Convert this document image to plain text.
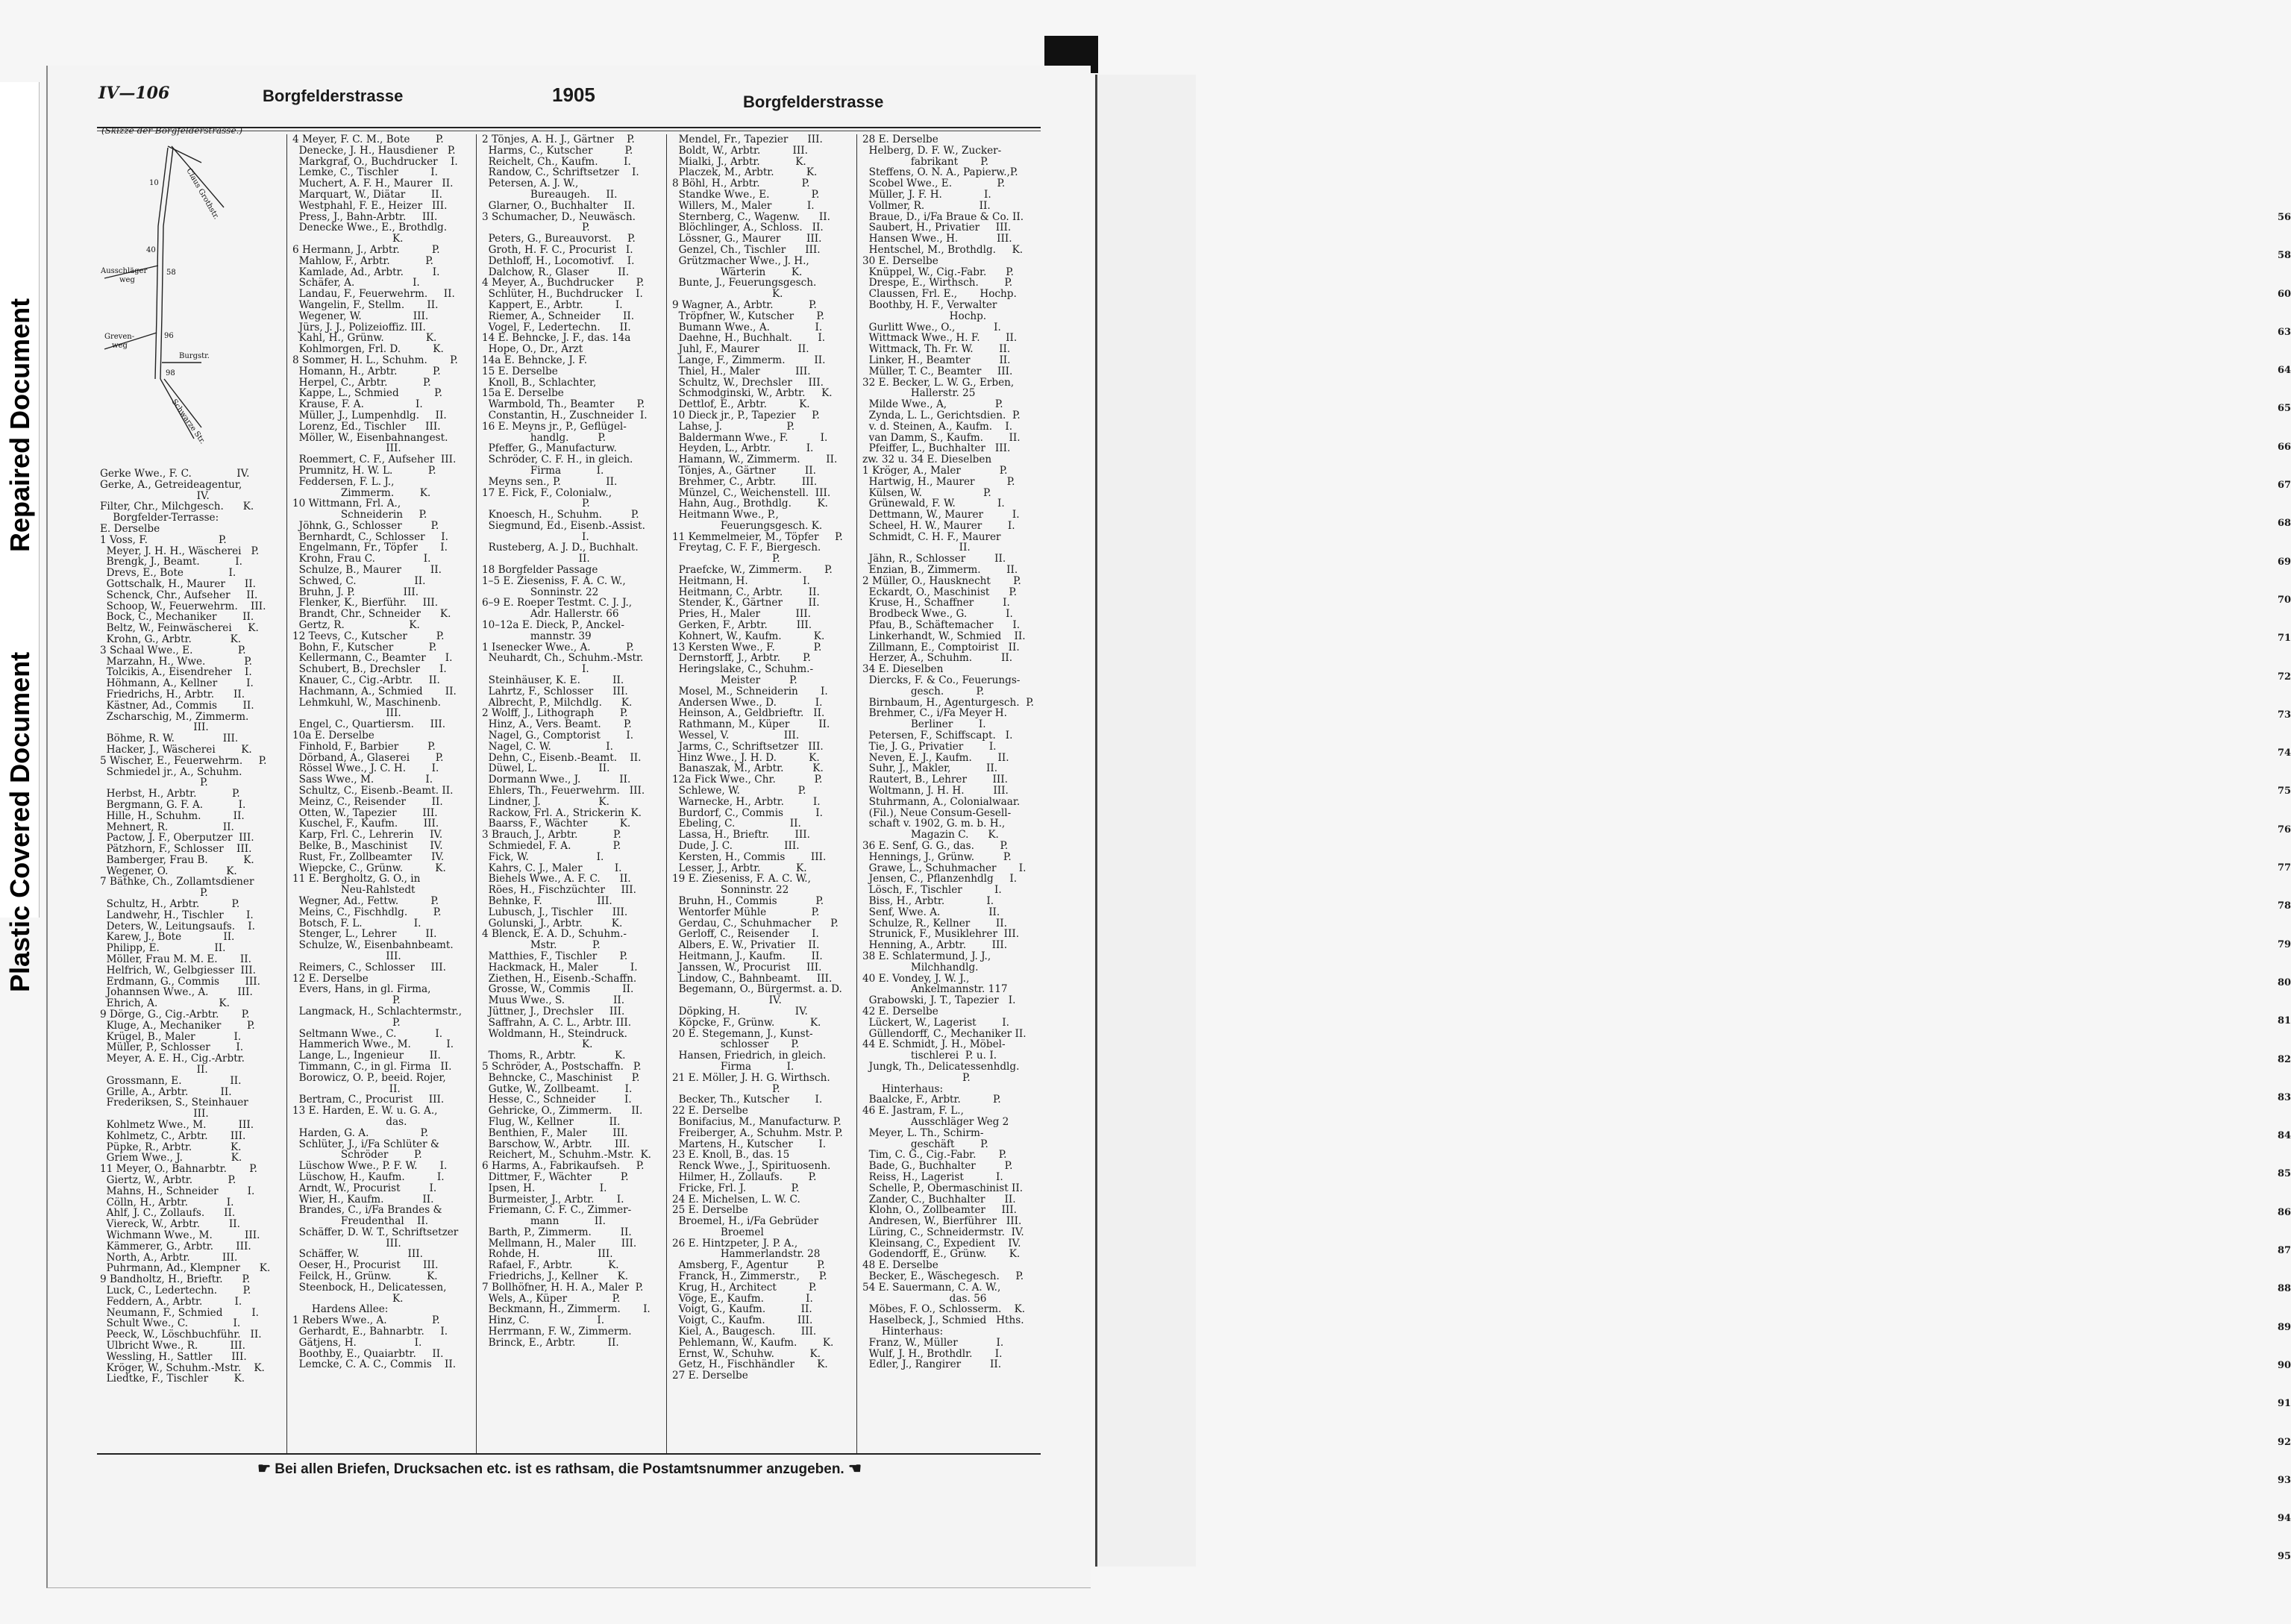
Repaired Document
Plastic Covered Document
56
58
60
63
64
65
66
67
68
69
70
71
72
73
74
75
76
77
78
79
80
81
82
83
84
85
86
87
88
89
90
91
92
93
94
95
IV—106	Borgfelderstrasse	1905	Borgfelderstrasse
(Skizze der Borgfelderstrasse.)
Claus Grothstr.
Ausschläger
weg
Greven-
weg
Burgstr.
Schwarze Str.
10
40
58
96
98
Gerke Wwe., F. C.              IV.
Gerke, A., Getreideagentur,
IV.
Filter, Chr., Milchgesch.      K.
Borgfelder-Terrasse:
E. Derselbe
1 Voss, F.                      P.
Meyer, J. H. H., Wäscherei   P.
Brengk, J., Beamt.           I.
Drevs, E., Bote              I.
Gottschalk, H., Maurer      II.
Schenck, Chr., Aufseher     II.
Schoop, W., Feuerwehrm.    III.
Bock, C., Mechaniker        II.
Beltz, W., Feinwäscherei     K.
Krohn, G., Arbtr.            K.
3 Schaal Wwe., E.              P.
Marzahn, H., Wwe.            P.
Tolcikis, A., Eisendreher    I.
Höhmann, A., Kellner         I.
Friedrichs, H., Arbtr.      II.
Kästner, Ad., Commis        II.
Zscharschig, M., Zimmerm.
III.
Böhme, R. W.               III.
Hacker, J., Wäscherei        K.
5 Wischer, E., Feuerwehrm.     P.
Schmiedel jr., A., Schuhm.
P.
Herbst, H., Arbtr.           P.
Bergmann, G. F. A.           I.
Hille, H., Schuhm.          II.
Mehnert, R.                 II.
Pactow, J. F., Oberputzer  III.
Pätzhorn, F., Schlosser    III.
Bamberger, Frau B.           K.
Wegener, O.                  K.
7 Bäthke, Ch., Zollamtsdiener
P.
Schultz, H., Arbtr.          P.
Landwehr, H., Tischler       I.
Deters, W., Leitungsaufs.    I.
Karew, J., Bote             II.
Philipp, E.                 II.
Möller, Frau M. M. E.       II.
Helfrich, W., Gelbgiesser  III.
Erdmann, G., Commis        III.
Johannsen Wwe., A.         III.
Ehrich, A.                   K.
9 Dörge, G., Cig.-Arbtr.       P.
Kluge, A., Mechaniker        P.
Krügel, B., Maler            I.
Müller, P., Schlosser        I.
Meyer, A. E. H., Cig.-Arbtr.
II.
Grossmann, E.               II.
Grille, A., Arbtr.          II.
Frederiksen, S., Steinhauer
III.
Kohlmetz Wwe., M.          III.
Kohlmetz, C., Arbtr.       III.
Püpke, R., Arbtr.            K.
Griem Wwe., J.               K.
11 Meyer, O., Bahnarbtr.       P.
Giertz, W., Arbtr.           P.
Mahns, H., Schneider         I.
Cölln, H., Arbtr.            I.
Ahlf, J. C., Zollaufs.      II.
Viereck, W., Arbtr.         II.
Wichmann Wwe., M.          III.
Kämmerer, G., Arbtr.       III.
North, A., Arbtr.          III.
Puhrmann, Ad., Klempner      K.
9 Bandholtz, H., Brieftr.      P.
Luck, C., Ledertechn.        P.
Feddern, A., Arbtr.          I.
Neumann, F., Schmied         I.
Schult Wwe., C.              I.
Peeck, W., Löschbuchführ.   II.
Ulbricht Wwe., R.          III.
Wessling, H., Sattler      III.
Kröger, W., Schuhm.-Mstr.    K.
Liedtke, F., Tischler        K.
4 Meyer, F. C. M., Bote        P.
Denecke, J. H., Hausdiener   P.
Markgraf, O., Buchdrucker    I.
Lemke, C., Tischler          I.
Muchert, A. F. H., Maurer   II.
Marquart, W., Diätar        II.
Westphahl, F. E., Heizer   III.
Press, J., Bahn-Arbtr.     III.
Denecke Wwe., E., Brothdlg.
K.
6 Hermann, J., Arbtr.          P.
Mahlow, F., Arbtr.           P.
Kamlade, Ad., Arbtr.         I.
Schäfer, A.                  I.
Landau, F., Feuerwehrm.     II.
Wangelin, F., Stellm.       II.
Wegener, W.                III.
Jürs, J. J., Polizeioffiz. III.
Kahl, H., Grünw.             K.
Kohlmorgen, Frl. D.          K.
8 Sommer, H. L., Schuhm.       P.
Homann, H., Arbtr.           P.
Herpel, C., Arbtr.           P.
Kappe, L., Schmied           P.
Krause, F. A.                I.
Müller, J., Lumpenhdlg.     II.
Lorenz, Ed., Tischler      III.
Möller, W., Eisenbahnangest.
III.
Roemmert, C. F., Aufseher  III.
Prumnitz, H. W. L.           P.
Feddersen, F. L. J.,
Zimmerm.        K.
10 Wittmann, Frl. A.,
Schneiderin     P.
Jöhnk, G., Schlosser         P.
Bernhardt, C., Schlosser     I.
Engelmann, Fr., Töpfer       I.
Krohn, Frau C.               I.
Schulze, B., Maurer         II.
Schwed, C.                  II.
Bruhn, J. P.               III.
Flenker, K., Bierführ.     III.
Brandt, Chr., Schneider      K.
Gertz, R.                    K.
12 Teevs, C., Kutscher         P.
Bohn, F., Kutscher           P.
Kellermann, C., Beamter      I.
Schubert, B., Drechsler      I.
Knauer, C., Cig.-Arbtr.     II.
Hachmann, A., Schmied       II.
Lehmkuhl, W., Maschinenb.
III.
Engel, C., Quartiersm.     III.
10a E. Derselbe
Finhold, F., Barbier         P.
Dörband, A., Glaserei        P.
Rössel Wwe., J. C. H.        I.
Sass Wwe., M.                I.
Schultz, C., Eisenb.-Beamt. II.
Meinz, C., Reisender        II.
Otten, W., Tapezier        III.
Kuschel, F., Kaufm.        III.
Karp, Frl. C., Lehrerin     IV.
Belke, B., Maschinist       IV.
Rust, Fr., Zollbeamter      IV.
Wiepcke, C., Grünw.          K.
11 E. Bergholtz, G. O., in
Neu-Rahlstedt
Wegner, Ad., Fettw.          P.
Meins, C., Fischhdlg.        P.
Botsch, F. L.                I.
Stenger, L., Lehrer         II.
Schulze, W., Eisenbahnbeamt.
III.
Reimers, C., Schlosser     III.
12 E. Derselbe
Evers, Hans, in gl. Firma,
P.
Langmack, H., Schlachtermstr.,
P.
Seltmann Wwe., C.            I.
Hammerich Wwe., M.           I.
Lange, L., Ingenieur        II.
Timmann, C., in gl. Firma   II.
Borowicz, O. P., beeid. Rojer,
II.
Bertram, C., Procurist     III.
13 E. Harden, E. W. u. G. A.,
das.
Harden, G. A.                P.
Schlüter, J., i/Fa Schlüter &
Schröder        P.
Lüschow Wwe., P. F. W.       I.
Lüschow, H., Kaufm.          I.
Arndt, W., Procurist         I.
Wier, H., Kaufm.            II.
Brandes, C., i/Fa Brandes &
Freudenthal    II.
Schäffer, D. W. T., Schriftsetzer
III.
Schäffer, W.               III.
Oeser, H., Procurist       III.
Feilck, H., Grünw.           K.
Steenbock, H., Delicatessen,
K.
Hardens Allee:
1 Rebers Wwe., A.              P.
Gerhardt, E., Bahnarbtr.     I.
Gätjens, H.                  I.
Boothby, E., Quaiarbtr.     II.
Lemcke, C. A. C., Commis    II.
2 Tönjes, A. H. J., Gärtner    P.
Harms, C., Kutscher          P.
Reichelt, Ch., Kaufm.        I.
Randow, C., Schriftsetzer    I.
Petersen, A. J. W.,
Bureaugeh.     II.
Glarner, O., Buchhalter     II.
3 Schumacher, D., Neuwäsch.
P.
Peters, G., Bureauvorst.     P.
Groth, H. F. C., Procurist   I.
Dethloff, H., Locomotivf.    I.
Dalchow, R., Glaser         II.
4 Meyer, A., Buchdrucker       P.
Schlüter, H., Buchdrucker    I.
Kappert, E., Arbtr.          I.
Riemer, A., Schneider       II.
Vogel, F., Ledertechn.      II.
14 E. Behncke, J. F., das. 14a
Hope, O., Dr., Arzt
14a E. Behncke, J. F.
15 E. Derselbe
Knoll, B., Schlachter,
15a E. Derselbe
Warmbold, Th., Beamter       P.
Constantin, H., Zuschneider  I.
16 E. Meyns jr., P., Geflügel-
handlg.         P.
Pfeffer, G., Manufacturw.
Schröder, C. F. H., in gleich.
Firma           I.
Meyns sen., P.              II.
17 E. Fick, F., Colonialw.,
P.
Knoesch, H., Schuhm.         P.
Siegmund, Ed., Eisenb.-Assist.
I.
Rusteberg, A. J. D., Buchhalt.
II.
18 Borgfelder Passage
1–5 E. Zieseniss, F. A. C. W.,
Sonninstr. 22
6–9 E. Roeper Testmt. C. J. J.,
Adr. Hallerstr. 66
10–12a E. Dieck, P., Anckel-
mannstr. 39
1 Isenecker Wwe., A.           P.
Neuhardt, Ch., Schuhm.-Mstr.
I.
Steinhäuser, K. E.          II.
Lahrtz, F., Schlosser      III.
Albrecht, P., Milchdlg.      K.
2 Wolff, J., Lithograph        P.
Hinz, A., Vers. Beamt.       P.
Nagel, G., Comptorist        I.
Nagel, C. W.                 I.
Dehn, C., Eisenb.-Beamt.    II.
Düwel, L.                   II.
Dormann Wwe., J.            II.
Ehlers, Th., Feuerwehrm.   III.
Lindner, J.                  K.
Rackow, Frl. A., Strickerin  K.
Baarss, F., Wächter          K.
3 Brauch, J., Arbtr.           P.
Schmiedel, F. A.             P.
Fick, W.                     I.
Kahrs, C. J., Maler          I.
Biehels Wwe., A. F. C.      II.
Röes, H., Fischzüchter     III.
Behnke, F.                 III.
Lubusch, J., Tischler      III.
Golunski, J., Arbtr.         K.
4 Blenck, E. A. D., Schuhm.-
Mstr.           P.
Matthies, F., Tischler       P.
Hackmack, H., Maler          I.
Ziethen, H., Eisenb.-Schaffn.
Grosse, W., Commis          II.
Muus Wwe., S.               II.
Jüttner, J., Drechsler     III.
Saffrahn, A. C. L., Arbtr. III.
Woldmann, H., Steindruck.
K.
Thoms, R., Arbtr.            K.
5 Schröder, A., Postschaffn.   P.
Behncke, C., Maschinist      P.
Gutke, W., Zollbeamt.        I.
Hesse, C., Schneider         I.
Gehricke, O., Zimmerm.      II.
Flug, W., Kellner           II.
Benthien, F., Maler        III.
Barschow, W., Arbtr.       III.
Reichert, M., Schuhm.-Mstr.  K.
6 Harms, A., Fabrikaufseh.     P.
Dittmer, F., Wächter         P.
Ipsen, H.                    I.
Burmeister, J., Arbtr.       I.
Friemann, C. F. C., Zimmer-
mann           II.
Barth, P., Zimmerm.         II.
Mellmann, H., Maler        III.
Rohde, H.                  III.
Rafael, F., Arbtr.           K.
Friedrichs, J., Kellner      K.
7 Bollhöfner, H. H. A., Maler  P.
Wels, A., Küper              P.
Beckmann, H., Zimmerm.       I.
Hinz, C.                     I.
Herrmann, F. W., Zimmerm.
Brinck, E., Arbtr.          II.
Mendel, Fr., Tapezier      III.
Boldt, W., Arbtr.          III.
Mialki, J., Arbtr.           K.
Placzek, M., Arbtr.          K.
8 Böhl, H., Arbtr.             P.
Standke Wwe., E.             P.
Willers, M., Maler           I.
Sternberg, C., Wagenw.      II.
Blöchlinger, A., Schloss.   II.
Lössner, G., Maurer        III.
Genzel, Ch., Tischler      III.
Grützmacher Wwe., J. H.,
Wärterin        K.
Bunte, J., Feuerungsgesch.
K.
9 Wagner, A., Arbtr.           P.
Tröpfner, W., Kutscher       P.
Bumann Wwe., A.              I.
Daehne, H., Buchhalt.        I.
Juhl, F., Maurer            II.
Lange, F., Zimmerm.         II.
Thiel, H., Maler           III.
Schultz, W., Drechsler     III.
Schmodginski, W., Arbtr.     K.
Dettlof, E., Arbtr.          K.
10 Dieck jr., P., Tapezier     P.
Lahse, J.                    P.
Baldermann Wwe., F.          I.
Heyden, L., Arbtr.           I.
Hamann, W., Zimmerm.        II.
Tönjes, A., Gärtner         II.
Brehmer, C., Arbtr.        III.
Münzel, C., Weichenstell.  III.
Hahn, Aug., Brothdlg.        K.
Heitmann Wwe., P.,
Feuerungsgesch. K.
11 Kemmelmeier, M., Töpfer     P.
Freytag, C. F. F., Biergesch.
P.
Praefcke, W., Zimmerm.       P.
Heitmann, H.                 I.
Heitmann, C., Arbtr.        II.
Stender, K., Gärtner        II.
Pries, H., Maler           III.
Gerken, F., Arbtr.         III.
Kohnert, W., Kaufm.          K.
13 Kersten Wwe., F.            P.
Dernstorff, J., Arbtr.       P.
Heringslake, C., Schuhm.-
Meister         P.
Mosel, M., Schneiderin       I.
Andersen Wwe., D.            I.
Heinson, A., Geldbrieftr.   II.
Rathmann, M., Küper         II.
Wessel, V.                 III.
Jarms, C., Schriftsetzer   III.
Hinz Wwe., J. H. D.          K.
Banaszak, M., Arbtr.         K.
12a Fick Wwe., Chr.            P.
Schlewe, W.                  P.
Warnecke, H., Arbtr.         I.
Burdorf, C., Commis          I.
Ebeling, C.                 II.
Lassa, H., Brieftr.        III.
Dude, J. C.                III.
Kersten, H., Commis        III.
Lesser, J., Arbtr.           K.
19 E. Zieseniss, F. A. C. W.,
Sonninstr. 22
Bruhn, H., Commis            P.
Wentorfer Mühle              P.
Gerdau, C., Schuhmacher      P.
Gerloff, C., Reisender       I.
Albers, E. W., Privatier    II.
Heitmann, J., Kaufm.        II.
Janssen, W., Procurist     III.
Lindow, C., Bahnbeamt.     III.
Begemann, O., Bürgermst. a. D.
IV.
Döpking, H.                 IV.
Köpcke, F., Grünw.           K.
20 E. Stegemann, J., Kunst-
schlosser       P.
Hansen, Friedrich, in gleich.
Firma           I.
21 E. Möller, J. H. G. Wirthsch.
P.
Becker, Th., Kutscher        I.
22 E. Derselbe
Bonifacius, M., Manufacturw. P.
Freiberger, A., Schuhm. Mstr. P.
Martens, H., Kutscher        I.
23 E. Knoll, B., das. 15
Renck Wwe., J., Spirituosenh.
Hilmer, H., Zollaufs.        P.
Fricke, Frl. J.              P.
24 E. Michelsen, L. W. C.
25 E. Derselbe
Broemel, H., i/Fa Gebrüder
Broemel
26 E. Hintzpeter, J. P. A.,
Hammerlandstr. 28
Amsberg, F., Agentur         P.
Franck, H., Zimmerstr.,      P.
Krug, H., Architect          P.
Vöge, E., Kaufm.             I.
Voigt, G., Kaufm.           II.
Voigt, C., Kaufm.          III.
Kiel, A., Baugesch.        III.
Pehlemann, W., Kaufm.        K.
Ernst, W., Schuhw.           K.
Getz, H., Fischhändler       K.
27 E. Derselbe
28 E. Derselbe
Helberg, D. F. W., Zucker-
fabrikant       P.
Steffens, O. N. A., Papierw.,P.
Scobel Wwe., E.              P.
Müller, J. F. H.             I.
Vollmer, R.                 II.
Braue, D., i/Fa Braue & Co. II.
Saubert, H., Privatier     III.
Hansen Wwe., H.            III.
Hentschel, M., Brothdlg.     K.
30 E. Derselbe
Knüppel, W., Cig.-Fabr.      P.
Drespe, E., Wirthsch.        P.
Claussen, Frl. E.,       Hochp.
Boothby, H. F., Verwalter
Hochp.
Gurlitt Wwe., O.,            I.
Wittmack Wwe., H. F.        II.
Wittmack, Th. Fr. W.        II.
Linker, H., Beamter         II.
Müller, T. C., Beamter     III.
32 E. Becker, L. W. G., Erben,
Hallerstr. 25
Milde Wwe., A,               P.
Zynda, L. L., Gerichtsdien.  P.
v. d. Steinen, A., Kaufm.    I.
van Damm, S., Kaufm.        II.
Pfeiffer, L., Buchhalter   III.
zw. 32 u. 34 E. Dieselben
1 Kröger, A., Maler            P.
Hartwig, H., Maurer          P.
Külsen, W.                   P.
Grünewald, F. W.             I.
Dettmann, W., Maurer         I.
Scheel, H. W., Maurer        I.
Schmidt, C. H. F., Maurer
II.
Jähn, R., Schlosser         II.
Enzian, B., Zimmerm.        II.
2 Müller, O., Hausknecht       P.
Eckardt, O., Maschinist      P.
Kruse, H., Schaffner         I.
Brodbeck Wwe., G.            I.
Pfau, B., Schäftemacher      I.
Linkerhandt, W., Schmied    II.
Zillmann, E., Comptoirist   II.
Herzer, A., Schuhm.         II.
34 E. Dieselben
Diercks, F. & Co., Feuerungs-
gesch.          P.
Birnbaum, H., Agenturgesch.  P.
Brehmer, C., i/Fa Meyer H.
Berliner        I.
Petersen, F., Schiffscapt.   I.
Tie, J. G., Privatier        I.
Neven, E. J., Kaufm.        II.
Suhr, J., Makler,           II.
Rautert, B., Lehrer        III.
Woltmann, J. H. H.         III.
Stuhrmann, A., Colonialwaar.
(Fil.), Neue Consum-Gesell-
schaft v. 1902, G. m. b. H.,
Magazin C.      K.
36 E. Senf, G. G., das.        P.
Hennings, J., Grünw.         P.
Grawe, L., Schuhmacher       I.
Jensen, C., Pflanzenhdlg     I.
Lösch, F., Tischler          I.
Biss, H., Arbtr.             I.
Senf, Wwe. A.               II.
Schulze, R., Kellner        II.
Strunick, F., Musiklehrer  III.
Henning, A., Arbtr.        III.
38 E. Schlatermund, J. J.,
Milchhandlg.
40 E. Vondey, J. W. J.,
Ankelmannstr. 117
Grabowski, J. T., Tapezier   I.
42 E. Derselbe
Lückert, W., Lagerist        I.
Güllendorff, C., Mechaniker II.
44 E. Schmidt, J. H., Möbel-
tischlerei  P. u. I.
Jungk, Th., Delicatessenhdlg.
P.
Hinterhaus:
Baalcke, F., Arbtr.          P.
46 E. Jastram, F. L.,
Ausschläger Weg 2
Meyer, L. Th., Schirm-
geschäft        P.
Tim, C. G., Cig.-Fabr.       P.
Bade, G., Buchhalter         P.
Reiss, H., Lagerist          I.
Schelle, P., Obermaschinist II.
Zander, C., Buchhalter      II.
Klohn, O., Zollbeamter     III.
Andresen, W., Bierführer   III.
Lüring, C., Schneidermstr.  IV.
Kleinsang, C., Expedient    IV.
Godendorff, E., Grünw.       K.
48 E. Derselbe
Becker, E., Wäschegesch.     P.
54 E. Sauermann, C. A. W.,
das. 56
Möbes, F. O., Schlosserm.    K.
Haselbeck, J., Schmied   Hths.
Hinterhaus:
Franz, W., Müller            I.
Wulf, J. H., Brothdlr.       I.
Edler, J., Rangirer         II.
☛ Bei allen Briefen, Drucksachen etc. ist es rathsam, die Postamtsnummer anzugeben. ☚
